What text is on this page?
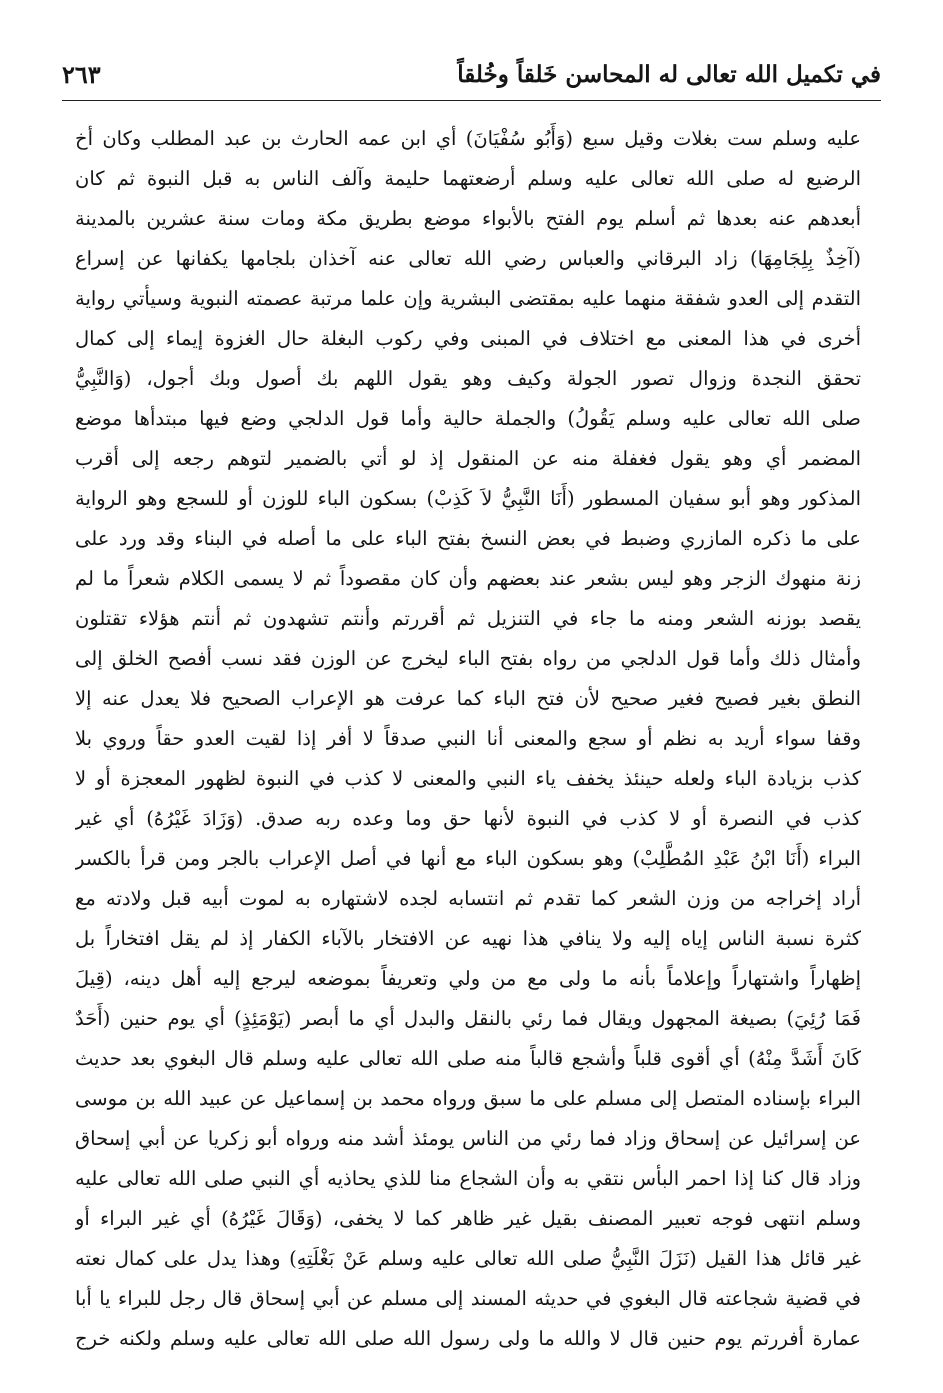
في تكميل الله تعالى له المحاسن خَلقاً وخُلقاً
٢٦٣
عليه وسلم ست بغلات وقيل سبع (وَأَبُو سُفْيَانَ) أي ابن عمه الحارث بن عبد المطلب وكان أخ
الرضيع له صلى الله تعالى عليه وسلم أرضعتهما حليمة وآلف الناس به قبل النبوة ثم كان
أبعدهم عنه بعدها ثم أسلم يوم الفتح بالأبواء موضع بطريق مكة ومات سنة عشرين بالمدينة
(آخِذٌ بِلِجَامِهَا) زاد البرقاني والعباس رضي الله تعالى عنه آخذان بلجامها يكفانها عن إسراع
التقدم إلى العدو شفقة منهما عليه بمقتضى البشرية وإن علما مرتبة عصمته النبوية وسيأتي رواية
أخرى في هذا المعنى مع اختلاف في المبنى وفي ركوب البغلة حال الغزوة إيماء إلى كمال
تحقق النجدة وزوال تصور الجولة وكيف وهو يقول اللهم بك أصول وبك أجول، (وَالنَّبِيُّ
صلى الله تعالى عليه وسلم يَقُولُ) والجملة حالية وأما قول الدلجي وضع فيها مبتدأها موضع
المضمر أي وهو يقول فغفلة منه عن المنقول إذ لو أتي بالضمير لتوهم رجعه إلى أقرب
المذكور وهو أبو سفيان المسطور (أَنَا النَّبِيُّ لاَ كَذِبْ) بسكون الباء للوزن أو للسجع وهو الرواية
على ما ذكره المازري وضبط في بعض النسخ بفتح الباء على ما أصله في البناء وقد ورد على
زنة منهوك الزجر وهو ليس بشعر عند بعضهم وأن كان مقصوداً ثم لا يسمى الكلام شعراً ما لم
يقصد بوزنه الشعر ومنه ما جاء في التنزيل ثم أقررتم وأنتم تشهدون ثم أنتم هؤلاء تقتلون
وأمثال ذلك وأما قول الدلجي من رواه بفتح الباء ليخرج عن الوزن فقد نسب أفصح الخلق إلى
النطق بغير فصيح فغير صحيح لأن فتح الباء كما عرفت هو الإعراب الصحيح فلا يعدل عنه إلا
وقفا سواء أريد به نظم أو سجع والمعنى أنا النبي صدقاً لا أفر إذا لقيت العدو حقاً وروي بلا
كذب بزيادة الباء ولعله حينئذ يخفف ياء النبي والمعنى لا كذب في النبوة لظهور المعجزة أو لا
كذب في النصرة أو لا كذب في النبوة لأنها حق وما وعده ربه صدق. (وَزَادَ غَيْرُهُ) أي غير
البراء (أَنَا ابْنُ عَبْدِ المُطَّلِبْ) وهو بسكون الباء مع أنها في أصل الإعراب بالجر ومن قرأ بالكسر
أراد إخراجه من وزن الشعر كما تقدم ثم انتسابه لجده لاشتهاره به لموت أبيه قبل ولادته مع
كثرة نسبة الناس إياه إليه ولا ينافي هذا نهيه عن الافتخار بالآباء الكفار إذ لم يقل افتخاراً بل
إظهاراً واشتهاراً وإعلاماً بأنه ما ولى مع من ولي وتعريفاً بموضعه ليرجع إليه أهل دينه، (قِيلَ
فَمَا رُئِيَ) بصيغة المجهول ويقال فما رئي بالنقل والبدل أي ما أبصر (يَوْمَئِذٍ) أي يوم حنين (أَحَدٌ
كَانَ أَشَدَّ مِنْهُ) أي أقوى قلباً وأشجع قالباً منه صلى الله تعالى عليه وسلم قال البغوي بعد حديث
البراء بإسناده المتصل إلى مسلم على ما سبق ورواه محمد بن إسماعيل عن عبيد الله بن موسى
عن إسرائيل عن إسحاق وزاد فما رئي من الناس يومئذ أشد منه ورواه أبو زكريا عن أبي إسحاق
وزاد قال كنا إذا احمر البأس نتقي به وأن الشجاع منا للذي يحاذيه أي النبي صلى الله تعالى عليه
وسلم انتهى فوجه تعبير المصنف بقيل غير ظاهر كما لا يخفى، (وَقَالَ غَيْرُهُ) أي غير البراء أو
غير قائل هذا القيل (نَزَلَ النَّبِيُّ صلى الله تعالى عليه وسلم عَنْ بَغْلَتِهِ) وهذا يدل على كمال نعته
في قضية شجاعته قال البغوي في حديثه المسند إلى مسلم عن أبي إسحاق قال رجل للبراء يا أبا
عمارة أفررتم يوم حنين قال لا والله ما ولى رسول الله صلى الله تعالى عليه وسلم ولكنه خرج
